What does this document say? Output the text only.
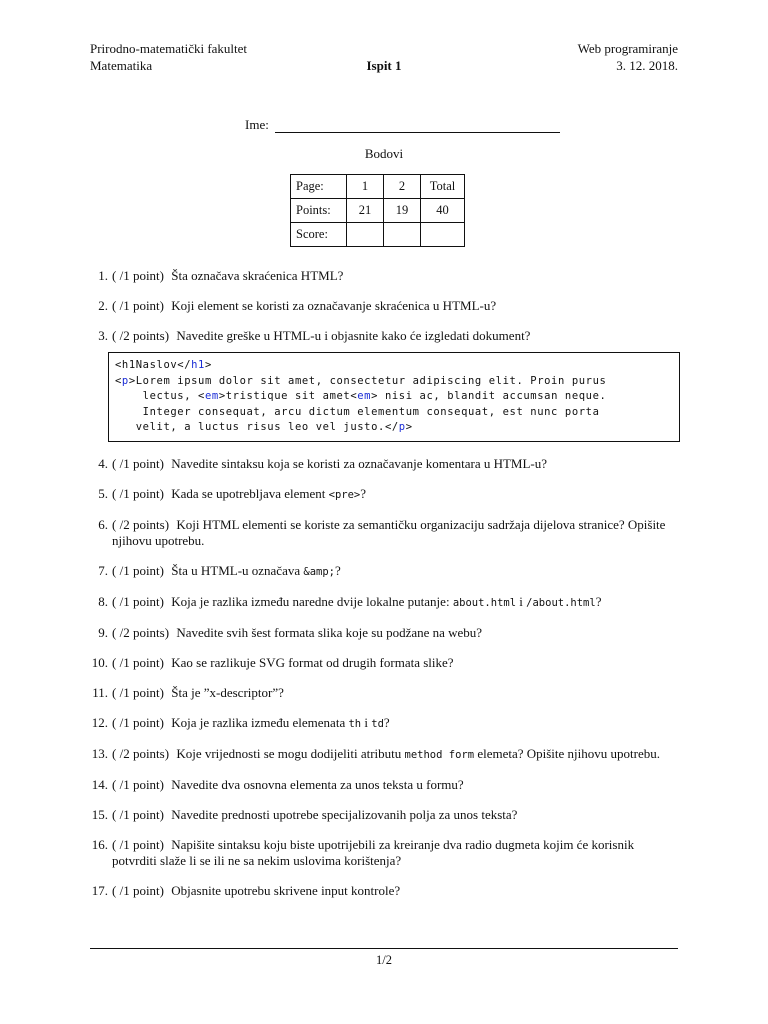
Prirodno-matematički fakultet
Matematika	Ispit 1
Web programiranje
3. 12. 2018.
Ime:
Bodovi
Page:	1	2	Total
Points:	21	19	40
Score:			
1. ( /1 point) Šta označava skraćenica HTML?
2. ( /1 point) Koji element se koristi za označavanje skraćenica u HTML-u?
3. ( /2 points) Navedite greške u HTML-u i objasnite kako će izgledati dokument?
<h1Naslov</h1>
<p>Lorem ipsum dolor sit amet, consectetur adipiscing elit. Proin purus
lectus, <em>tristique sit amet<em> nisi ac, blandit accumsan neque.
Integer consequat, arcu dictum elementum consequat, est nunc porta
velit, a luctus risus leo vel justo.</p>
4. ( /1 point) Navedite sintaksu koja se koristi za označavanje komentara u HTML-u?
5. ( /1 point) Kada se upotrebljava element <pre>?
6. ( /2 points) Koji HTML elementi se koriste za semantičku organizaciju sadržaja dijelova stranice? Opišite njihovu upotrebu.
7. ( /1 point) Šta u HTML-u označava &amp;?
8. ( /1 point) Koja je razlika između naredne dvije lokalne putanje: about.html i /about.html?
9. ( /2 points) Navedite svih šest formata slika koje su podžane na webu?
10. ( /1 point) Kao se razlikuje SVG format od drugih formata slike?
11. ( /1 point) Šta je ”x-descriptor”?
12. ( /1 point) Koja je razlika između elemenata th i td?
13. ( /2 points) Koje vrijednosti se mogu dodijeliti atributu method form elemeta? Opišite njihovu upotrebu.
14. ( /1 point) Navedite dva osnovna elementa za unos teksta u formu?
15. ( /1 point) Navedite prednosti upotrebe specijalizovanih polja za unos teksta?
16. ( /1 point) Napišite sintaksu koju biste upotrijebili za kreiranje dva radio dugmeta kojim će korisnik potvrditi slaže li se ili ne sa nekim uslovima korištenja?
17. ( /1 point) Objasnite upotrebu skrivene input kontrole?
1/2
